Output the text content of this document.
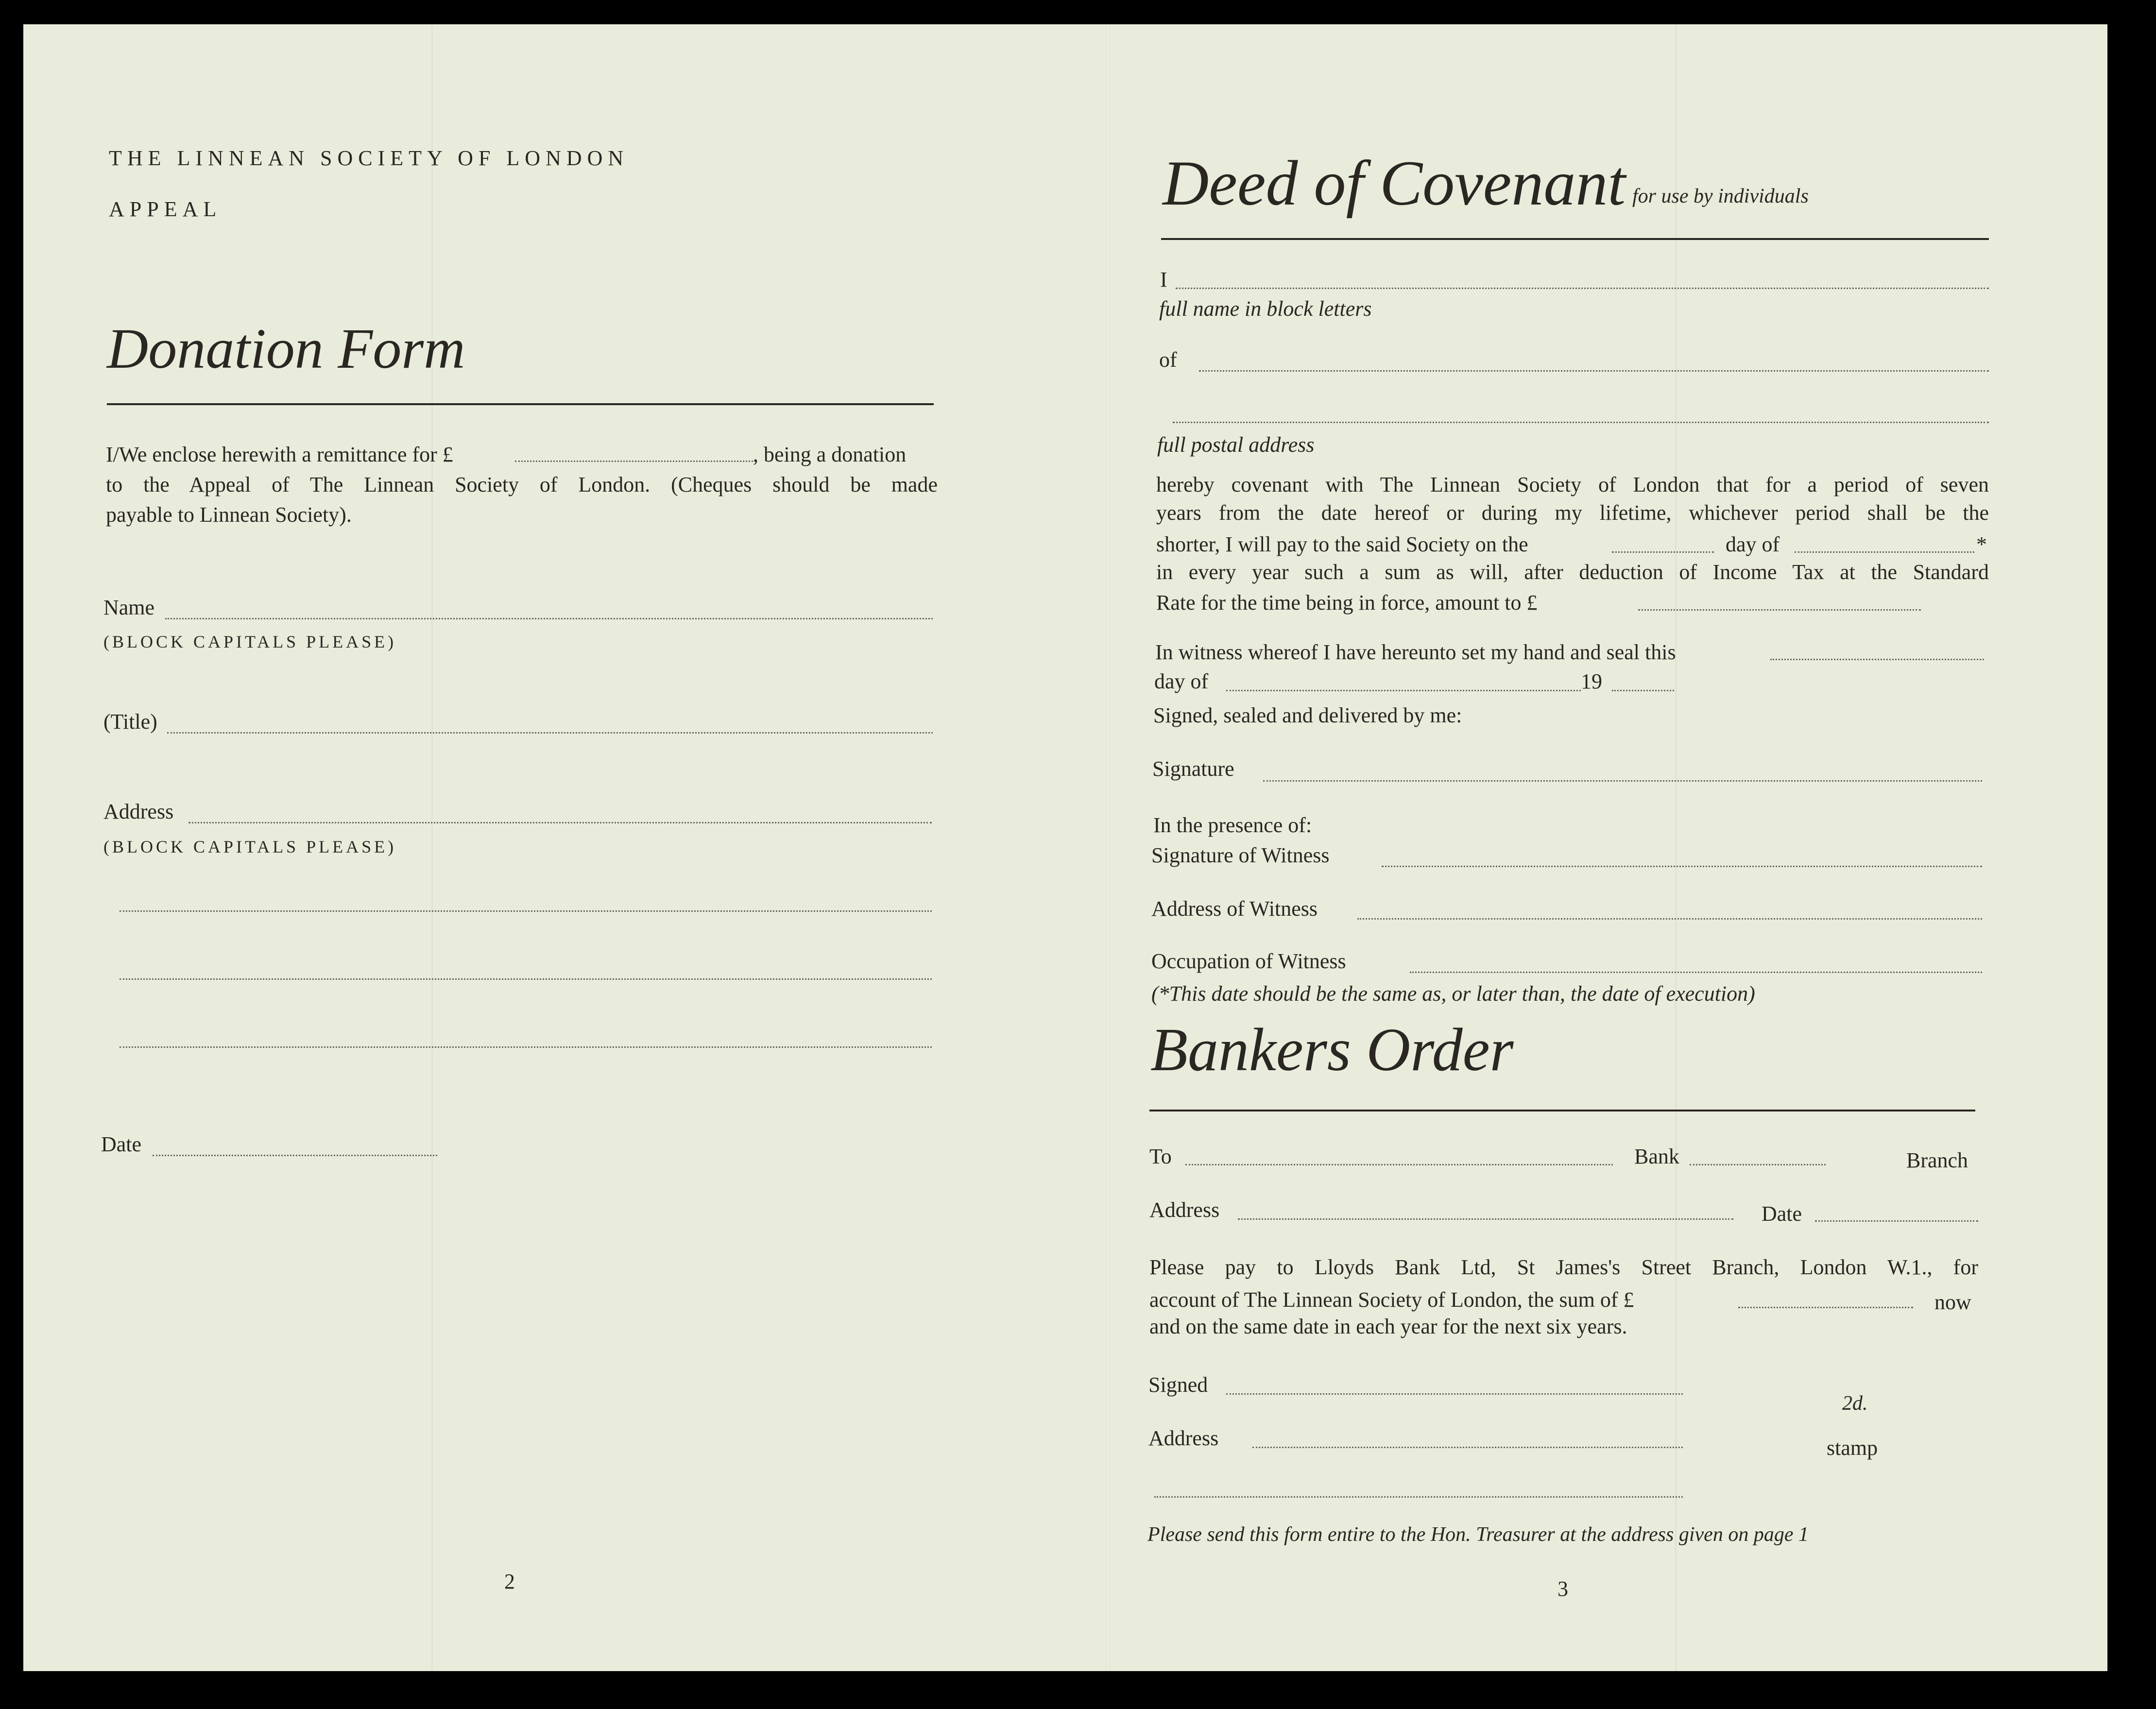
THE LINNEAN SOCIETY OF LONDON
APPEAL
Donation Form
I/We enclose herewith a remittance for £	, being a donation
to the Appeal of The Linnean Society of London. (Cheques should be made
payable to Linnean Society).
Name
(BLOCK CAPITALS PLEASE)
(Title)
Address
(BLOCK CAPITALS PLEASE)
Date
2
Deed of Covenant for use by individuals
I
full name in block letters
of
full postal address
hereby covenant with The Linnean Society of London that for a period of seven
years from the date hereof or during my lifetime, whichever period shall be the
shorter, I will pay to the said Society on the	day of	*
in every year such a sum as will, after deduction of Income Tax at the Standard
Rate for the time being in force, amount to £
In witness whereof I have hereunto set my hand and seal this
day of	19
Signed, sealed and delivered by me:
Signature
In the presence of:
Signature of Witness
Address of Witness
Occupation of Witness
(*This date should be the same as, or later than, the date of execution)
Bankers Order
To	Bank	Branch
Address	Date
Please pay to Lloyds Bank Ltd, St James's Street Branch, London W.1., for
account of The Linnean Society of London, the sum of £	now
and on the same date in each year for the next six years.
Signed
Address
2d.
stamp
Please send this form entire to the Hon. Treasurer at the address given on page 1
3
